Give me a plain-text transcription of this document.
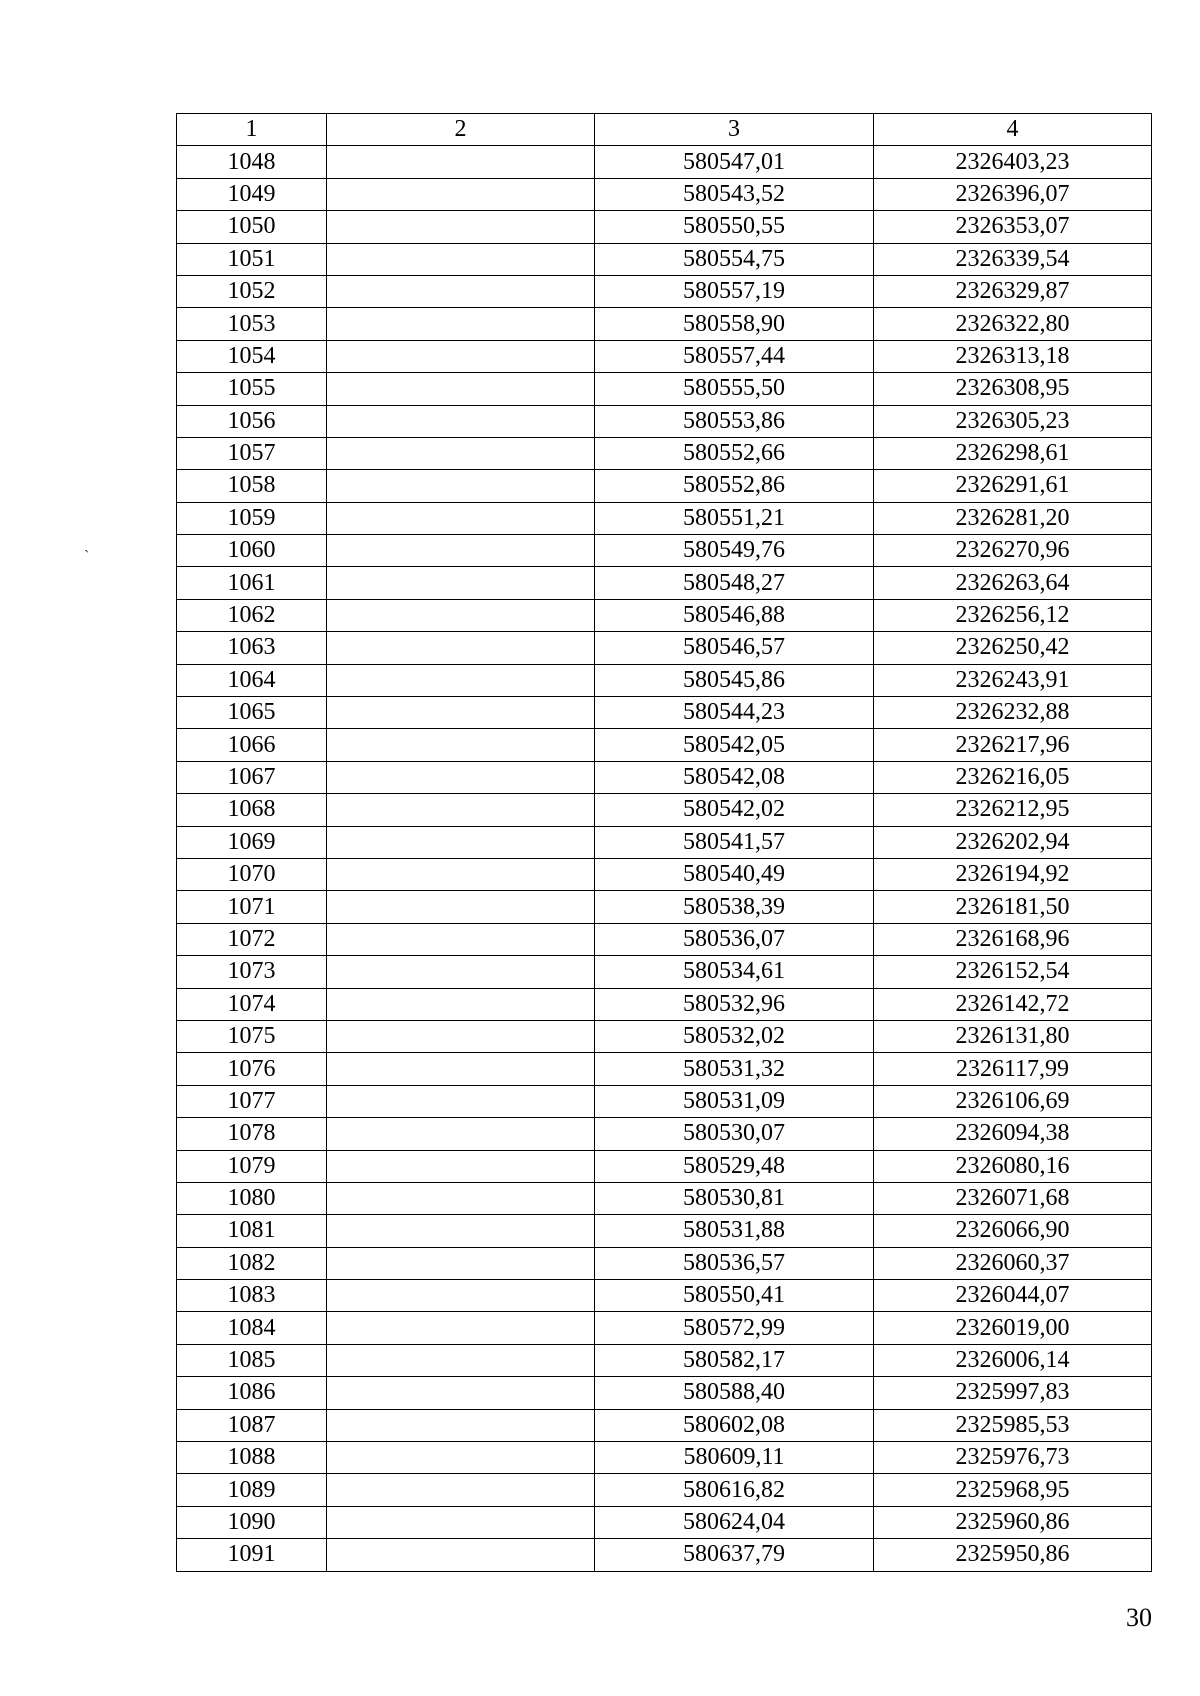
1	2	3	4
1048		580547,01	2326403,23
1049		580543,52	2326396,07
1050		580550,55	2326353,07
1051		580554,75	2326339,54
1052		580557,19	2326329,87
1053		580558,90	2326322,80
1054		580557,44	2326313,18
1055		580555,50	2326308,95
1056		580553,86	2326305,23
1057		580552,66	2326298,61
1058		580552,86	2326291,61
1059		580551,21	2326281,20
1060		580549,76	2326270,96
1061		580548,27	2326263,64
1062		580546,88	2326256,12
1063		580546,57	2326250,42
1064		580545,86	2326243,91
1065		580544,23	2326232,88
1066		580542,05	2326217,96
1067		580542,08	2326216,05
1068		580542,02	2326212,95
1069		580541,57	2326202,94
1070		580540,49	2326194,92
1071		580538,39	2326181,50
1072		580536,07	2326168,96
1073		580534,61	2326152,54
1074		580532,96	2326142,72
1075		580532,02	2326131,80
1076		580531,32	2326117,99
1077		580531,09	2326106,69
1078		580530,07	2326094,38
1079		580529,48	2326080,16
1080		580530,81	2326071,68
1081		580531,88	2326066,90
1082		580536,57	2326060,37
1083		580550,41	2326044,07
1084		580572,99	2326019,00
1085		580582,17	2326006,14
1086		580588,40	2325997,83
1087		580602,08	2325985,53
1088		580609,11	2325976,73
1089		580616,82	2325968,95
1090		580624,04	2325960,86
1091		580637,79	2325950,86
`
30
